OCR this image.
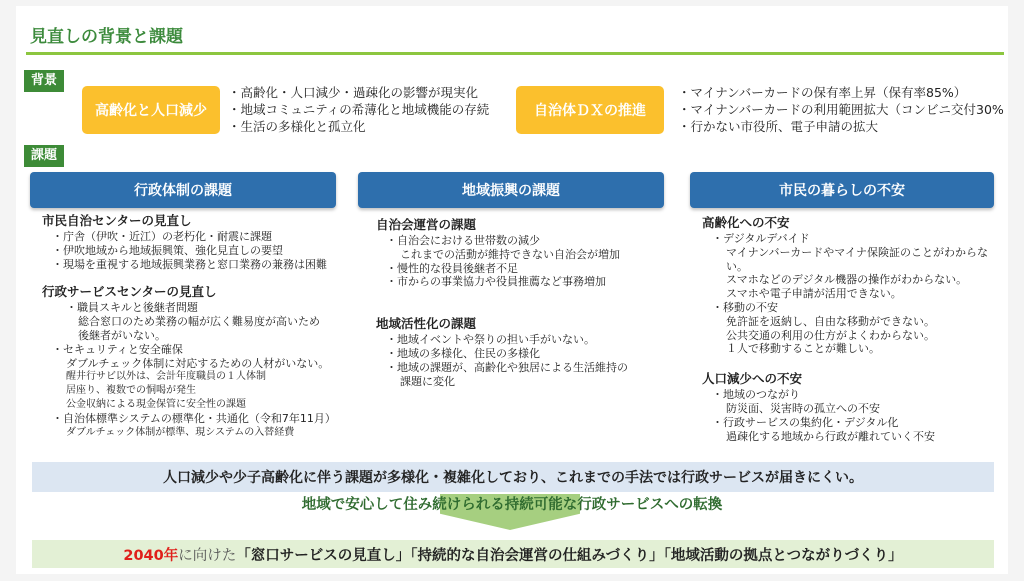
見直しの背景と課題
背景
高齢化と人口減少
・高齢化・人口減少・過疎化の影響が現実化
・地域コミュニティの希薄化と地域機能の存続
・生活の多様化と孤立化
自治体ＤＸの推進
・マイナンバーカードの保有率上昇（保有率85%）
・マイナンバーカードの利用範囲拡大（コンビニ交付30%
・行かない市役所、電子申請の拡大
課題
行政体制の課題	地域振興の課題	市民の暮らしの不安
市民自治センターの見直し
・庁舎（伊吹・近江）の老朽化・耐震に課題
・伊吹地域から地域振興策、強化見直しの要望
・現場を重視する地域振興業務と窓口業務の兼務は困難
行政サービスセンターの見直し
・職員スキルと後継者問題
総合窓口のため業務の幅が広く難易度が高いため
後継者がいない。
・セキュリティと安全確保
ダブルチェック体制に対応するための人材がいない。
醒井行サビ以外は、会計年度職員の１人体制
居座り、複数での恫喝が発生
公金収納による現金保管に安全性の課題
・自治体標準システムの標準化・共通化（令和7年11月）
ダブルチェック体制が標準、現システムの入替経費
自治会運営の課題
・自治会における世帯数の減少
これまでの活動が維持できない自治会が増加
・慢性的な役員後継者不足
・市からの事業協力や役員推薦など事務増加
地域活性化の課題
・地域イベントや祭りの担い手がいない。
・地域の多様化、住民の多様化
・地域の課題が、高齢化や独居による生活維持の
課題に変化
高齢化への不安
・デジタルデバイド
マイナンバーカードやマイナ保険証のことがわからない。
スマホなどのデジタル機器の操作がわからない。
スマホや電子申請が活用できない。
・移動の不安
免許証を返納し、自由な移動ができない。
公共交通の利用の仕方がよくわからない。
１人で移動することが難しい。
人口減少への不安
・地域のつながり
防災面、災害時の孤立への不安
・行政サービスの集約化・デジタル化
過疎化する地域から行政が離れていく不安
人口減少や少子高齢化に伴う課題が多様化・複雑化しており、これまでの手法では行政サービスが届きにくい。
地域で安心して住み続けられる持続可能な行政サービスへの転換
2040年 に向けた 「窓口サービスの見直し」「持続的な自治会運営の仕組みづくり」「地域活動の拠点とつながりづくり」
